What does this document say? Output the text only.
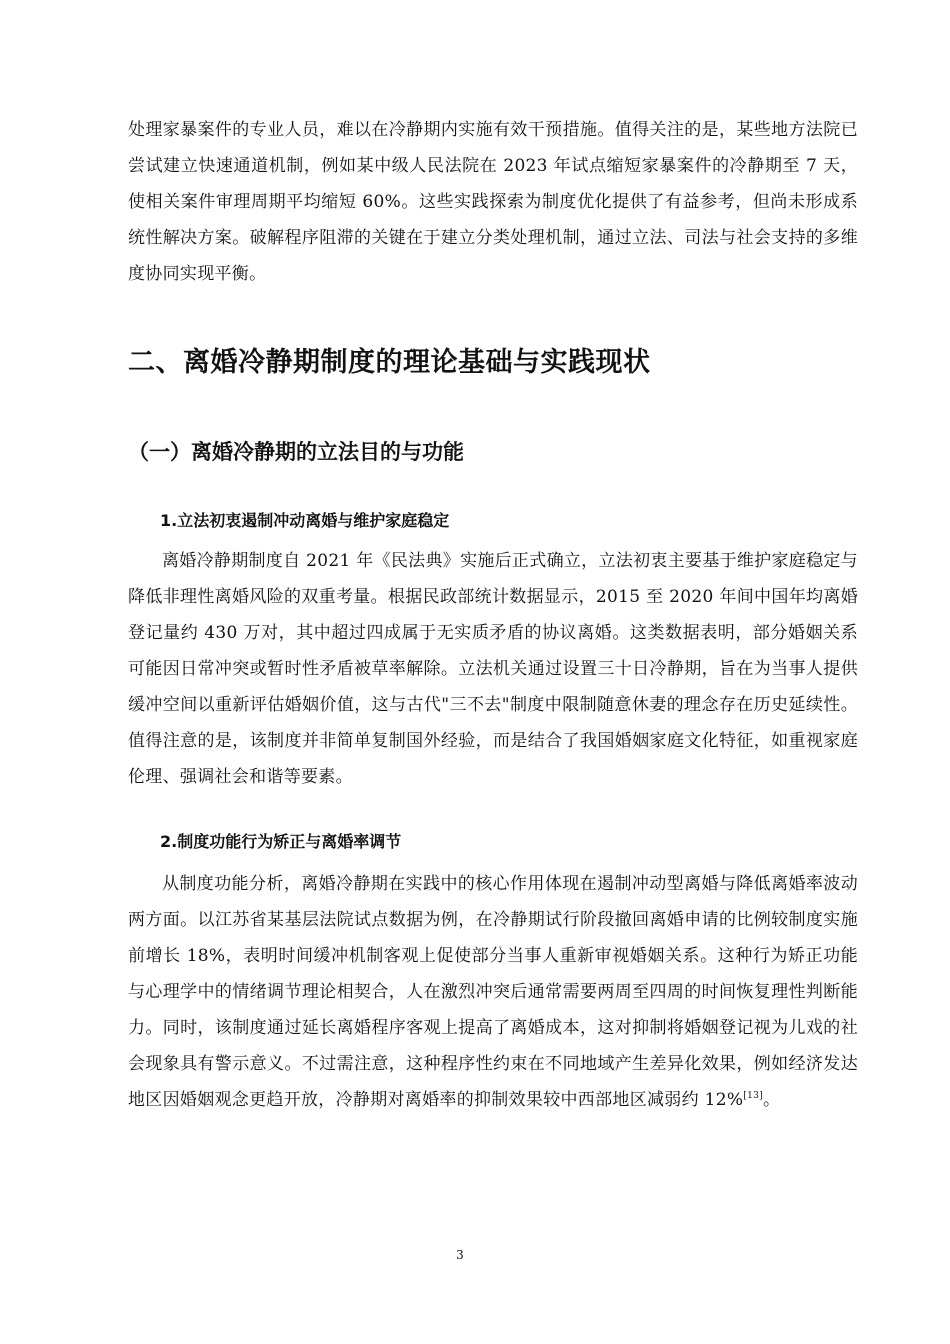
处理家暴案件的专业人员，难以在冷静期内实施有效干预措施。值得关注的是，某些地方法院已尝试建立快速通道机制，例如某中级人民法院在 2023 年试点缩短家暴案件的冷静期至 7 天，使相关案件审理周期平均缩短 60%。这些实践探索为制度优化提供了有益参考，但尚未形成系统性解决方案。破解程序阻滞的关键在于建立分类处理机制，通过立法、司法与社会支持的多维度协同实现平衡。

二、离婚冷静期制度的理论基础与实践现状
（一）离婚冷静期的立法目的与功能
1.立法初衷遏制冲动离婚与维护家庭稳定

离婚冷静期制度自 2021 年《民法典》实施后正式确立，立法初衷主要基于维护家庭稳定与降低非理性离婚风险的双重考量。根据民政部统计数据显示，2015 至 2020 年间中国年均离婚登记量约 430 万对，其中超过四成属于无实质矛盾的协议离婚。这类数据表明，部分婚姻关系可能因日常冲突或暂时性矛盾被草率解除。立法机关通过设置三十日冷静期，旨在为当事人提供缓冲空间以重新评估婚姻价值，这与古代"三不去"制度中限制随意休妻的理念存在历史延续性。值得注意的是，该制度并非简单复制国外经验，而是结合了我国婚姻家庭文化特征，如重视家庭伦理、强调社会和谐等要素。

2.制度功能行为矫正与离婚率调节

从制度功能分析，离婚冷静期在实践中的核心作用体现在遏制冲动型离婚与降低离婚率波动两方面。以江苏省某基层法院试点数据为例，在冷静期试行阶段撤回离婚申请的比例较制度实施前增长 18%，表明时间缓冲机制客观上促使部分当事人重新审视婚姻关系。这种行为矫正功能与心理学中的情绪调节理论相契合，人在激烈冲突后通常需要两周至四周的时间恢复理性判断能力。同时，该制度通过延长离婚程序客观上提高了离婚成本，这对抑制将婚姻登记视为儿戏的社会现象具有警示意义。不过需注意，这种程序性约束在不同地域产生差异化效果，例如经济发达地区因婚姻观念更趋开放，冷静期对离婚率的抑制效果较中西部地区减弱约 12%[13]。

3
